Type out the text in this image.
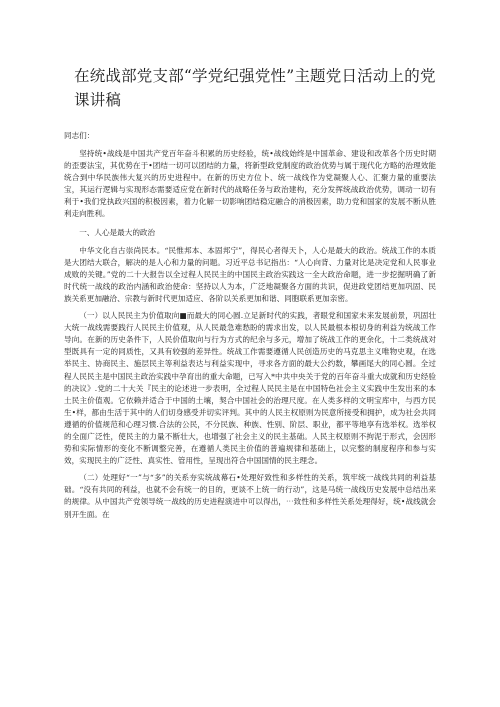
在统战部党支部“学党纪强党性”主题党日活动上的党课讲稿
同志们：

坚持统•战线是中国共产党百年奋斗积累的历史经验，统•战线始终是中国革命、建设和改革各个历史时期的歪要法宝，其优势在于•团结一切可以团结的力量，将新型政党制度的政治优势与属于现代化方略的治理效能统合到中华民族伟大复兴的历史进程中。在新的历史方位卜、统一战线作为党凝聚人心、汇聚力量的重要法宝，其运行逻辑与实现形态需要适应党在新时代的战略任务与政治建构，充分发挥统战政治优势，调动一切有利于•我们党执政兴国的积极因素，着力化解一切影响团结稳定融合的消极因素，助力党和国家的发展不断从胜利走向胜利。

一、人心是最大的政治

中华文化自古崇尚民本。“民惟邦本、本固邦宁”，得民心者得天卜，人心是最大的政治。统战工作的本质是大团结大联合，解决的是人心和力量的问题。习近平总书记指出：“人心向背、力量对比是决定党和人民事业成败的关键。”党的二十大报告以全过程人民民主的中国民主政治实践这一全大政治命题，进一步挖掘明确了新时代统一战线的政治内涵和政治使命：坚持以人为本，广泛地凝聚各方面的共识，促进政党团结更加巩固、民族关系更加融洽、宗教与新时代更加适应、各阶以关系更加和谐、同胞联系更加亲密。

（一）以人民民主为价值取向■而最大的同心圆.立足新时代的实践，者眼党和国家未来发展前景，巩固壮大统一战线需要践行人民民主价值观，从人民最急难愁盼的需求出发，以人民最根本根切身的利益为统战工作导向。在新的历史条件下，人民价值取向与行为方式的纪余与多元，增加了统战工作的更余化，十二类统战对型既具有一定的同质性，又具有较强的差异性。统战工作需要遵循人民创造历史的马克思主义唯物史观，在选举民主、协商民主、施层民主等利益表达与利益实现中，寻求各方面的最大公约数，攀画尾大的同心圆。全过程人民民主是中国民主政治实践中孕育出的重大命题，已写入*中共中央关于党的百年奋斗重大成就和历史经验的决议》.党的二十大关『民主的论述进一步表明，全过程人民民主是在中国特色社会主义实践中生发出来的本土民主价值观。它依赖并适合于中国的土壤，契合中国社会的治理尺度。在人类多样的文明宝库中，与西方民生•样，都由生活于其中的人们切身感受并切实评判。其中的人民主权原则为民意所接受和拥护，成为社会共同遵循的价值规范和心理习惯.合法的公民，不分民族、种族、性别、阶层、职业，都平等地享有选举权。选举权的全面广泛性，使民主的力量不断壮大，也增强了社会主义的民主基础。人民主权原则不拘泥于形式，会因形势和实际情形的变化不断调整完善，在遵循人类民主价值的普遍规律和基础上，以完整的制度程序和参与实效，实现民主的广泛性、真实性、管用性，呈现出符合中国国情的民主理念。

（二）处理好“一”与“多”的关系夯实统战幕石•处理好致性和多样性的关系，筑牢统一战线共同的利益基础。“没有共同的利益，也就不会有统一的目的，更谈不上统一的行动”，这是马统一战线历史发展中总结出来的规律。从中国共产党领导统一战线的历史进程演进中可以得出，⋯致性和多样性关系处理得好，统•战线就会别开生面。在
